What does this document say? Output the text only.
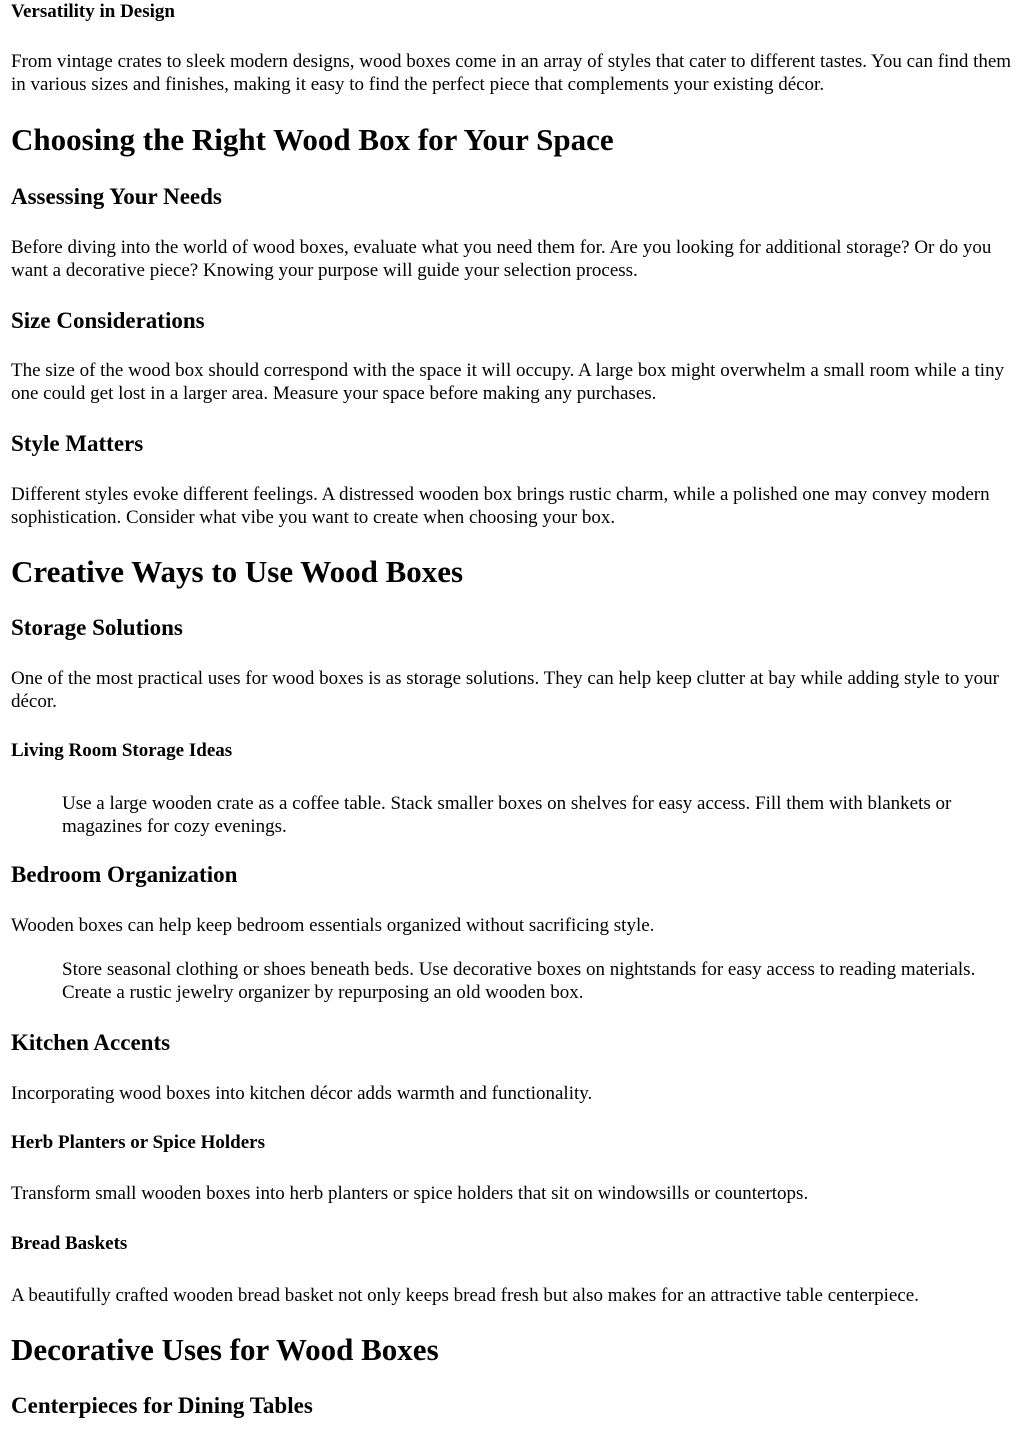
Versatility in Design

From vintage crates to sleek modern designs, wood boxes come in an array of styles that cater to different tastes. You can find them in various sizes and finishes, making it easy to find the perfect piece that complements your existing décor.

Choosing the Right Wood Box for Your Space
Assessing Your Needs

Before diving into the world of wood boxes, evaluate what you need them for. Are you looking for additional storage? Or do you want a decorative piece? Knowing your purpose will guide your selection process.

Size Considerations

The size of the wood box should correspond with the space it will occupy. A large box might overwhelm a small room while a tiny one could get lost in a larger area. Measure your space before making any purchases.

Style Matters

Different styles evoke different feelings. A distressed wooden box brings rustic charm, while a polished one may convey modern sophistication. Consider what vibe you want to create when choosing your box.

Creative Ways to Use Wood Boxes
Storage Solutions

One of the most practical uses for wood boxes is as storage solutions. They can help keep clutter at bay while adding style to your décor.

Living Room Storage Ideas
Use a large wooden crate as a coffee table. Stack smaller boxes on shelves for easy access. Fill them with blankets or magazines for cozy evenings.
Bedroom Organization

Wooden boxes can help keep bedroom essentials organized without sacrificing style.

Store seasonal clothing or shoes beneath beds. Use decorative boxes on nightstands for easy access to reading materials. Create a rustic jewelry organizer by repurposing an old wooden box.
Kitchen Accents

Incorporating wood boxes into kitchen décor adds warmth and functionality.

Herb Planters or Spice Holders

Transform small wooden boxes into herb planters or spice holders that sit on windowsills or countertops.

Bread Baskets

A beautifully crafted wooden bread basket not only keeps bread fresh but also makes for an attractive table centerpiece.

Decorative Uses for Wood Boxes
Centerpieces for Dining Tables
